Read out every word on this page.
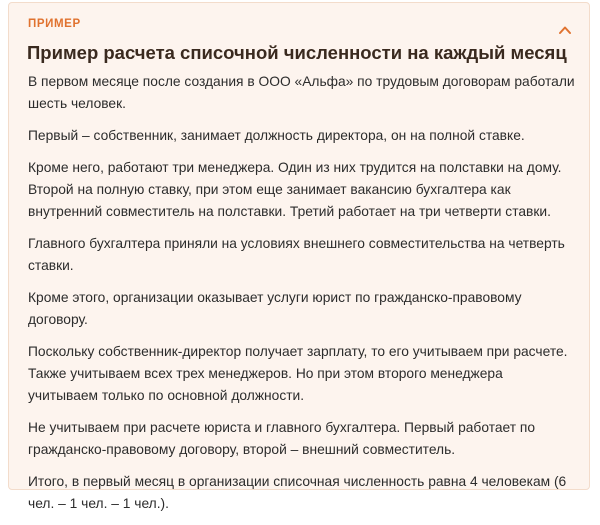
ПРИМЕР
Пример расчета списочной численности на каждый месяц

В первом месяце после создания в ООО «Альфа» по трудовым договорам работали шесть человек.

Первый – собственник, занимает должность директора, он на полной ставке.

Кроме него, работают три менеджера. Один из них трудится на полставки на дому. Второй на полную ставку, при этом еще занимает вакансию бухгалтера как внутренний совместитель на полставки. Третий работает на три четверти ставки.

Главного бухгалтера приняли на условиях внешнего совместительства на четверть ставки.

Кроме этого, организации оказывает услуги юрист по гражданско-правовому договору.

Поскольку собственник-директор получает зарплату, то его учитываем при расчете. Также учитываем всех трех менеджеров. Но при этом второго менеджера учитываем только по основной должности.

Не учитываем при расчете юриста и главного бухгалтера. Первый работает по гражданско-правовому договору, второй – внешний совместитель.

Итого, в первый месяц в организации списочная численность равна 4 человекам (6 чел. – 1 чел. – 1 чел.).
